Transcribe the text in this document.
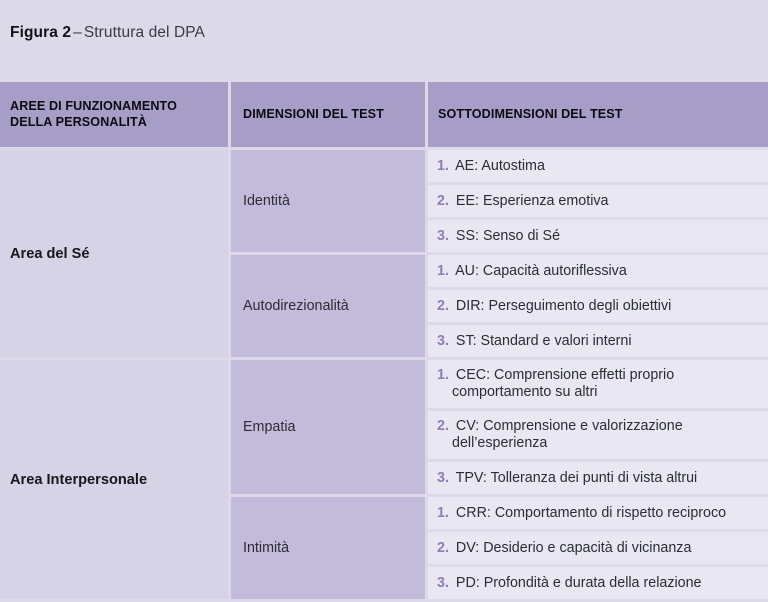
Figura 2 – Struttura del DPA
AREE DI FUNZIONAMENTO
DELLA PERSONALITÀ	DIMENSIONI DEL TEST	SOTTODIMENSIONI DEL TEST
Area del Sé	Identità	1. AE: Autostima

		2. EE: Esperienza emotiva

		3. SS: Senso di Sé

	Autodirezionalità	1. AU: Capacità autoriflessiva

		2. DIR: Perseguimento degli obiettivi

		3. ST: Standard e valori interni

Area Interpersonale	Empatia	1. CEC: Comprensione effetti proprio
comportamento su altri

		2. CV: Comprensione e valorizzazione
dell’esperienza

		3. TPV: Tolleranza dei punti di vista altrui

	Intimità	1. CRR: Comportamento di rispetto reciproco

		2. DV: Desiderio e capacità di vicinanza

		3. PD: Profondità e durata della relazione
